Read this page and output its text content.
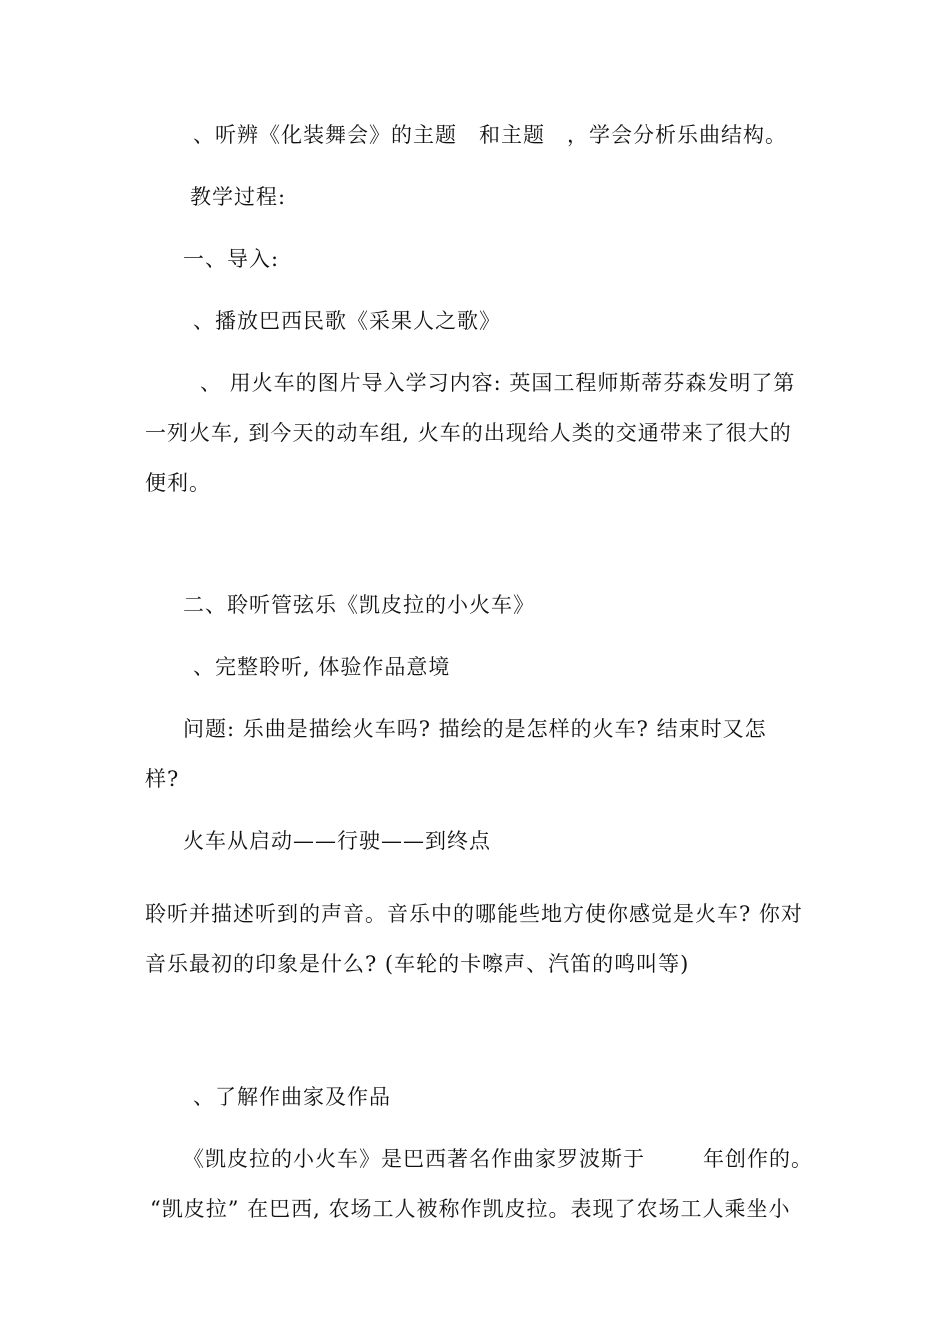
、听辨《化装舞会》的主题　和主题　，学会分析乐曲结构。

教学过程:

一、导入:

、播放巴西民歌《采果人之歌》

、 用火车的图片导入学习内容: 英国工程师斯蒂芬森发明了第

一列火车, 到今天的动车组, 火车的出现给人类的交通带来了很大的

便利。

二、聆听管弦乐《凯皮拉的小火车》

、完整聆听, 体验作品意境

问题: 乐曲是描绘火车吗? 描绘的是怎样的火车? 结束时又怎

样?

火车从启动——行驶——到终点

聆听并描述听到的声音。音乐中的哪能些地方使你感觉是火车? 你对

音乐最初的印象是什么? (车轮的卡嚓声、汽笛的鸣叫等)

、了解作曲家及作品

《凯皮拉的小火车》是巴西著名作曲家罗波斯于	年创作的。

“凯皮拉” 在巴西, 农场工人被称作凯皮拉。表现了农场工人乘坐小
